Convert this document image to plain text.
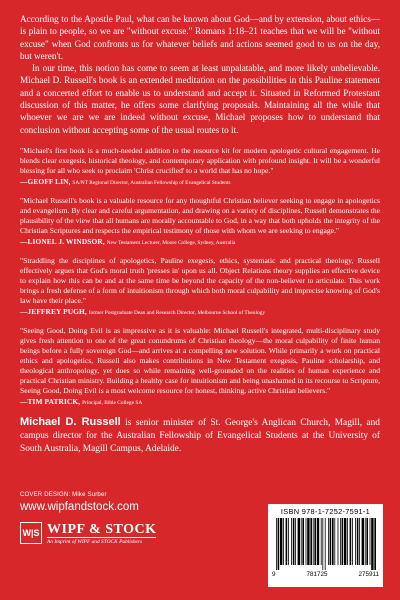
According to the Apostle Paul, what can be known about God—and by extension, about ethics—is plain to people, so we are "without excuse." Romans 1:18–21 teaches that we will be "without excuse" when God confronts us for whatever beliefs and actions seemed good to us on the day, but weren't.

In our time, this notion has come to seem at least unpalatable, and more likely unbelievable. Michael D. Russell's book is an extended meditation on the possibilities in this Pauline statement and a concerted effort to enable us to understand and accept it. Situated in Reformed Protestant discussion of this matter, he offers some clarifying proposals. Maintaining all the while that whoever we are we are indeed without excuse, Michael proposes how to understand that conclusion without accepting some of the usual routes to it.

"Michael's first book is a much-needed addition to the resource kit for modern apologetic cultural engagement. He blends clear exegesis, historical theology, and contemporary application with profound insight. It will be a wonderful blessing for all who seek to proclaim 'Christ crucified' to a world that has no hope."

—GEOFF LIN, SA/NT Regional Director, Australian Fellowship of Evangelical Students

"Michael Russell's book is a valuable resource for any thoughtful Christian believer seeking to engage in apologetics and evangelism. By clear and careful argumentation, and drawing on a variety of disciplines, Russell demonstrates the plausibility of the view that all humans are morally accountable to God, in a way that both upholds the integrity of the Christian Scriptures and respects the empirical testimony of those with whom we are seeking to engage."

—LIONEL J. WINDSOR, New Testament Lecturer, Moore College, Sydney, Australia

"Straddling the disciplines of apologetics, Pauline exegesis, ethics, systematic and practical theology, Russell effectively argues that God's moral truth 'presses in' upon us all. Object Relations theory supplies an effective device to explain how this can be and at the same time be beyond the capacity of the non-believer to articulate. This work brings a fresh defense of a form of intuitionism through which both moral culpability and imprecise knowing of God's law have their place."

—JEFFREY PUGH, former Postgraduate Dean and Research Director, Melbourne School of Theology

"Seeing Good, Doing Evil is as impressive as it is valuable: Michael Russell's integrated, multi-disciplinary study gives fresh attention to one of the great conundrums of Christian theology—the moral culpability of finite human beings before a fully sovereign God—and arrives at a compelling new solution. While primarily a work on practical ethics and apologetics, Russell also makes contributions in New Testament exegesis, Pauline scholarship, and theological anthropology, yet does so while remaining well-grounded on the realities of human experience and practical Christian ministry. Building a healthy case for intuitionism and being unashamed in its recourse to Scripture, Seeing Good, Doing Evil is a most welcome resource for honest, thinking, active Christian believers."

—TIM PATRICK, Principal, Bible College SA
Michael D. Russell is senior minister of St. George's Anglican Church, Magill, and campus director for the Australian Fellowship of Evangelical Students at the University of South Australia, Magill Campus, Adelaide.
COVER DESIGN: Mike Surber
www.wipfandstock.com
W|S WIPF & STOCK
An Imprint of WIPF and STOCK Publishers
ISBN 978-1-7252-7591-1
9	781725	275911
